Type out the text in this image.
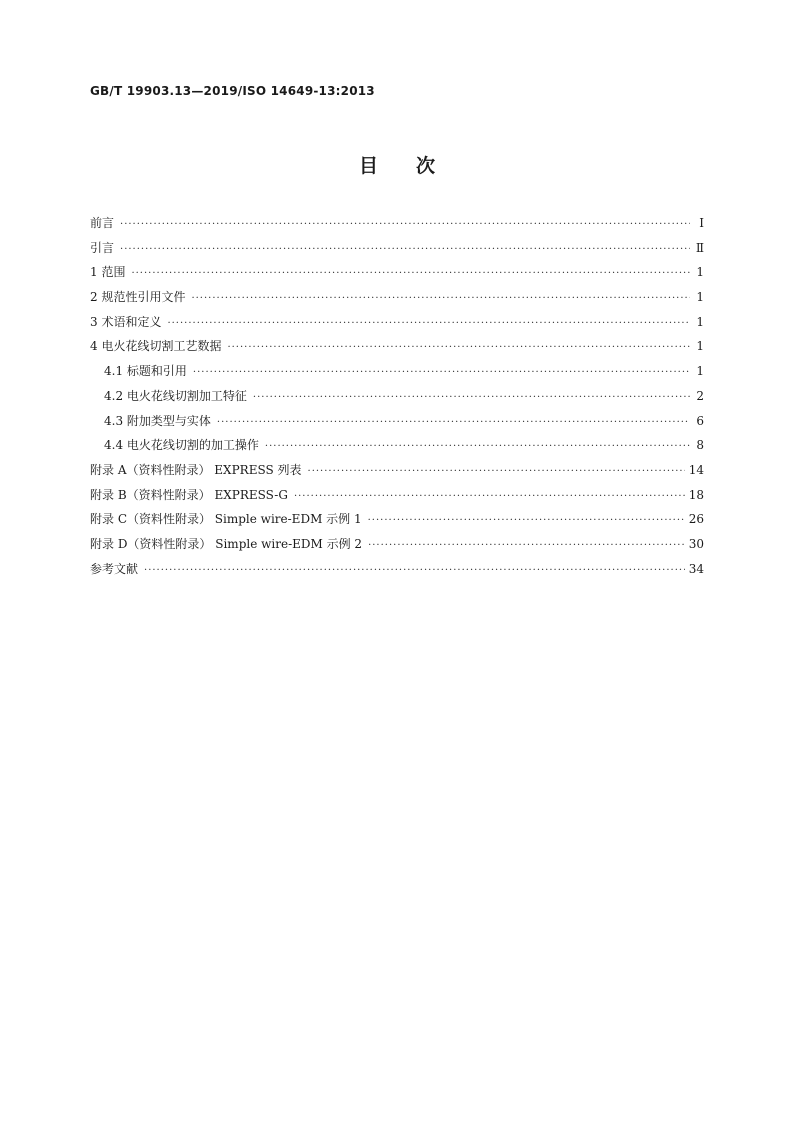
GB/T 19903.13—2019/ISO 14649-13:2013
目次
前言 ·····	Ⅰ
引言 ·····	Ⅱ
1 范围 ·····	1
2 规范性引用文件 ·····	1
3 术语和定义 ·····	1
4 电火花线切割工艺数据 ·····	1
4.1 标题和引用 ·····	1
4.2 电火花线切割加工特征 ·····	2
4.3 附加类型与实体 ·····	6
4.4 电火花线切割的加工操作 ·····	8
附录 A（资料性附录） EXPRESS 列表 ·····	14
附录 B（资料性附录） EXPRESS-G ·····	18
附录 C（资料性附录） Simple wire-EDM 示例 1 ·····	26
附录 D（资料性附录） Simple wire-EDM 示例 2 ·····	30
参考文献 ·····	34
